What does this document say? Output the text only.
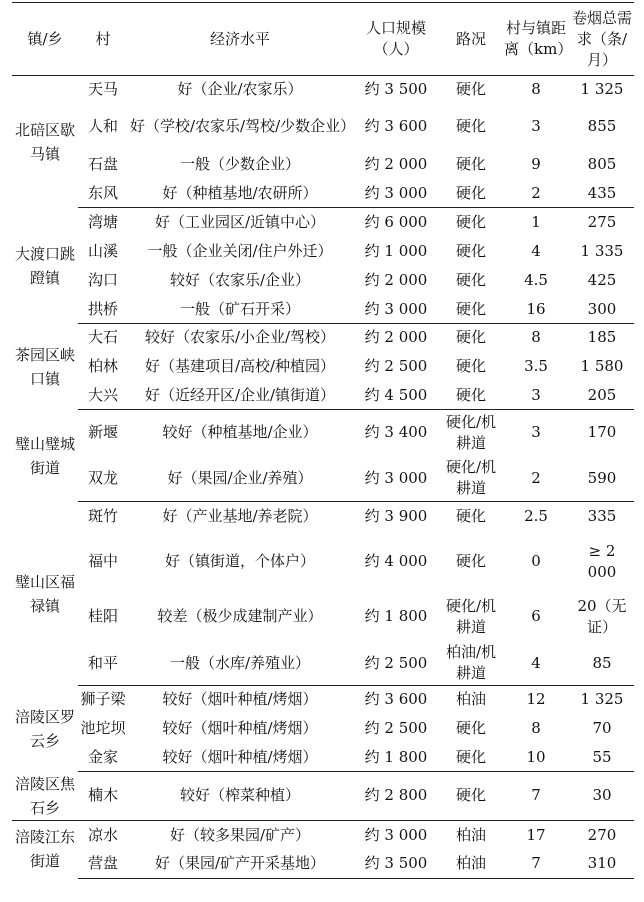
镇/乡	村	经济水平	人口规模（人）	路况	村与镇距离（km）	卷烟总需求（条/月）
北碚区歇马镇	天马	好（企业/农家乐）	约 3 500	硬化	8	1 325
	人和	好（学校/农家乐/驾校/少数企业）	约 3 600	硬化	3	855
	石盘	一般（少数企业）	约 2 000	硬化	9	805
	东风	好（种植基地/农研所）	约 3 000	硬化	2	435
大渡口跳蹬镇	湾塘	好（工业园区/近镇中心）	约 6 000	硬化	1	275
	山溪	一般（企业关闭/住户外迁）	约 1 000	硬化	4	1 335
	沟口	较好（农家乐/企业）	约 2 000	硬化	4.5	425
	拱桥	一般（矿石开采）	约 3 000	硬化	16	300
茶园区峡口镇	大石	较好（农家乐/小企业/驾校）	约 2 000	硬化	8	185
	柏林	好（基建项目/高校/种植园）	约 2 500	硬化	3.5	1 580
	大兴	好（近经开区/企业/镇街道）	约 4 500	硬化	3	205
璧山璧城街道	新堰	较好（种植基地/企业）	约 3 400	硬化/机耕道	3	170
	双龙	好（果园/企业/养殖）	约 3 000	硬化/机耕道	2	590
璧山区福禄镇	斑竹	好（产业基地/养老院）	约 3 900	硬化	2.5	335
	福中	好（镇街道，个体户）	约 4 000	硬化	0	≥ 2 000
	桂阳	较差（极少成建制产业）	约 1 800	硬化/机耕道	6	20（无证）
	和平	一般（水库/养殖业）	约 2 500	柏油/机耕道	4	85
涪陵区罗云乡	狮子梁	较好（烟叶种植/烤烟）	约 3 600	柏油	12	1 325
	池坨坝	较好（烟叶种植/烤烟）	约 2 500	硬化	8	70
	金家	较好（烟叶种植/烤烟）	约 1 800	硬化	10	55
涪陵区焦石乡	楠木	较好（榨菜种植）	约 2 800	硬化	7	30
涪陵江东街道	凉水	好（较多果园/矿产）	约 3 000	柏油	17	270
	营盘	好（果园/矿产开采基地）	约 3 500	柏油	7	310
